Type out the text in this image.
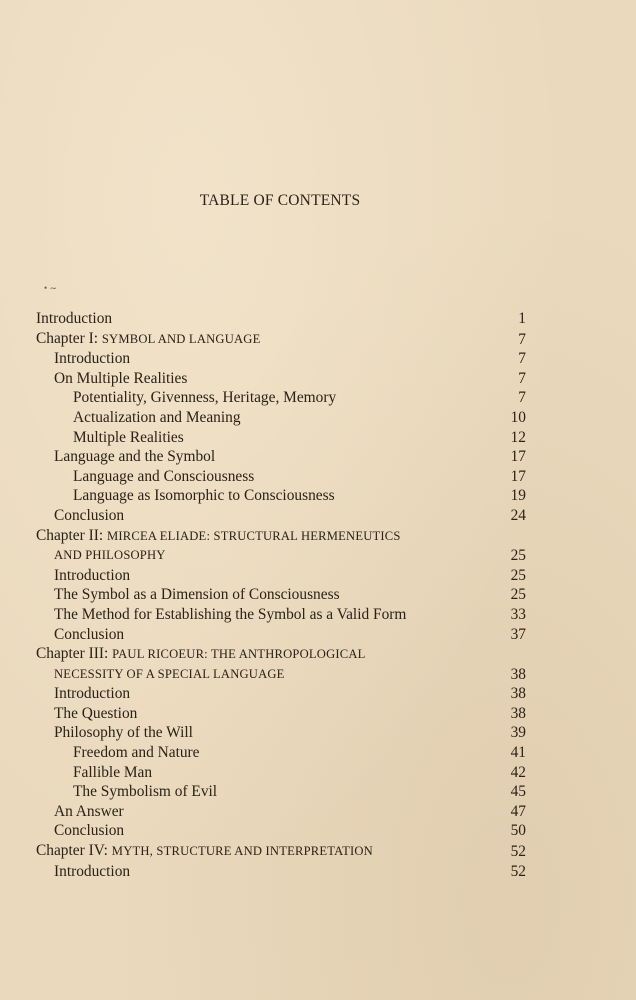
TABLE OF CONTENTS
• ∼
Introduction	1
Chapter I: SYMBOL AND LANGUAGE	7
Introduction	7
On Multiple Realities	7
Potentiality, Givenness, Heritage, Memory	7
Actualization and Meaning	10
Multiple Realities	12
Language and the Symbol	17
Language and Consciousness	17
Language as Isomorphic to Consciousness	19
Conclusion	24
Chapter II: MIRCEA ELIADE: STRUCTURAL HERMENEUTICS
AND PHILOSOPHY	25
Introduction	25
The Symbol as a Dimension of Consciousness	25
The Method for Establishing the Symbol as a Valid Form	33
Conclusion	37
Chapter III: PAUL RICOEUR: THE ANTHROPOLOGICAL
NECESSITY OF A SPECIAL LANGUAGE	38
Introduction	38
The Question	38
Philosophy of the Will	39
Freedom and Nature	41
Fallible Man	42
The Symbolism of Evil	45
An Answer	47
Conclusion	50
Chapter IV: MYTH, STRUCTURE AND INTERPRETATION	52
Introduction	52
